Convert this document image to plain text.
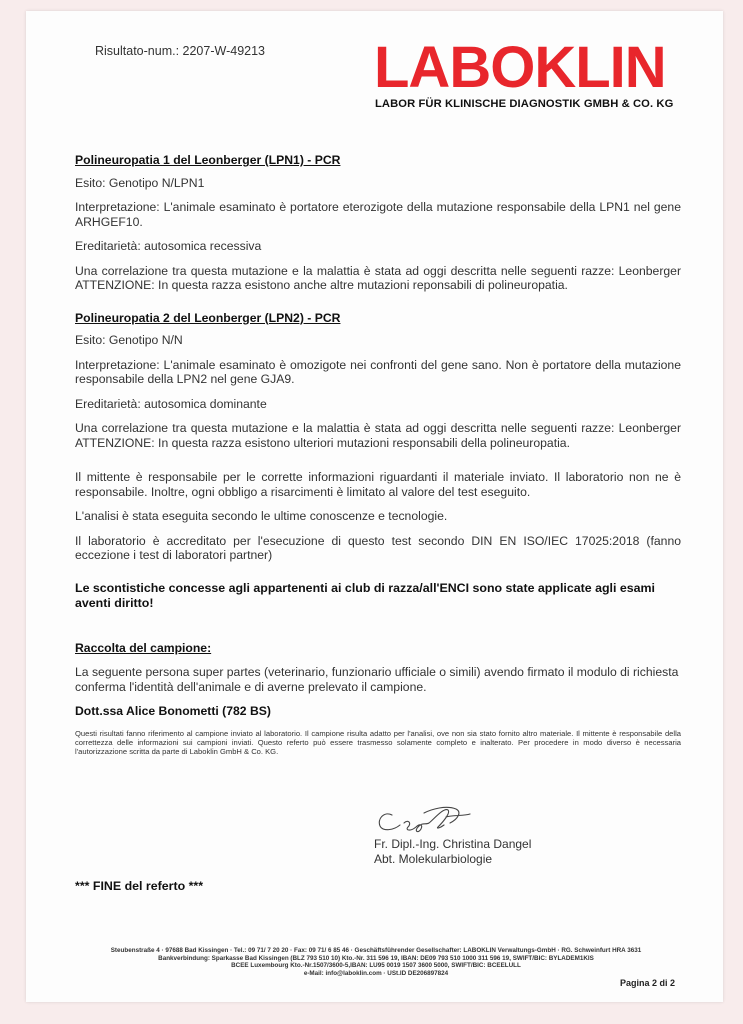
Risultato-num.: 2207-W-49213 LABOKLIN
LABOR FÜR KLINISCHE DIAGNOSTIK GMBH & CO. KG

Polineuropatia 1 del Leonberger (LPN1) - PCR

Esito: Genotipo N/LPN1

Interpretazione: L'animale esaminato è portatore eterozigote della mutazione responsabile della LPN1 nel gene ARHGEF10.

Ereditarietà: autosomica recessiva

Una correlazione tra questa mutazione e la malattia è stata ad oggi descritta nelle seguenti razze: Leonberger ATTENZIONE: In questa razza esistono anche altre mutazioni reponsabili di polineuropatia.

Polineuropatia 2 del Leonberger (LPN2) - PCR

Esito: Genotipo N/N

Interpretazione: L'animale esaminato è omozigote nei confronti del gene sano. Non è portatore della mutazione responsabile della LPN2 nel gene GJA9.

Ereditarietà: autosomica dominante

Una correlazione tra questa mutazione e la malattia è stata ad oggi descritta nelle seguenti razze: Leonberger ATTENZIONE: In questa razza esistono ulteriori mutazioni responsabili della polineuropatia.

Il mittente è responsabile per le corrette informazioni riguardanti il materiale inviato. Il laboratorio non ne è responsabile. Inoltre, ogni obbligo a risarcimenti è limitato al valore del test eseguito.

L'analisi è stata eseguita secondo le ultime conoscenze e tecnologie.

Il laboratorio è accreditato per l'esecuzione di questo test secondo DIN EN ISO/IEC 17025:2018 (fanno eccezione i test di laboratori partner)

Le scontistiche concesse agli appartenenti ai club di razza/all'ENCI sono state applicate agli esami aventi diritto!

Raccolta del campione:

La seguente persona super partes (veterinario, funzionario ufficiale o simili) avendo firmato il modulo di richiesta conferma l'identità dell'animale e di averne prelevato il campione.

Dott.ssa Alice Bonometti (782 BS)

Questi risultati fanno riferimento al campione inviato al laboratorio. Il campione risulta adatto per l'analisi, ove non sia stato fornito altro materiale. Il mittente è responsabile della correttezza delle informazioni sui campioni inviati. Questo referto può essere trasmesso solamente completo e inalterato. Per procedere in modo diverso è necessaria l'autorizzazione scritta da parte di Laboklin GmbH & Co. KG.

Fr. Dipl.-Ing. Christina Dangel
Abt. Molekularbiologie
*** FINE del referto ***
Steubenstraße 4 · 97688 Bad Kissingen · Tel.: 09 71/ 7 20 20 · Fax: 09 71/ 6 85 46 · Geschäftsführender Gesellschafter: LABOKLIN Verwaltungs-GmbH · RG. Schweinfurt HRA 3631
Bankverbindung: Sparkasse Bad Kissingen (BLZ 793 510 10) Kto.-Nr. 311 596 19, IBAN: DE09 793 510 1000 311 596 19, SWIFT/BIC: BYLADEM1KIS
BCEE Luxembourg Kto.-Nr.1507/3600-5,IBAN: LU95 0019 1507 3600 5000, SWIFT/BIC: BCEELULL
e-Mail: info@laboklin.com · USt.ID DE206897824
Pagina 2 di 2
